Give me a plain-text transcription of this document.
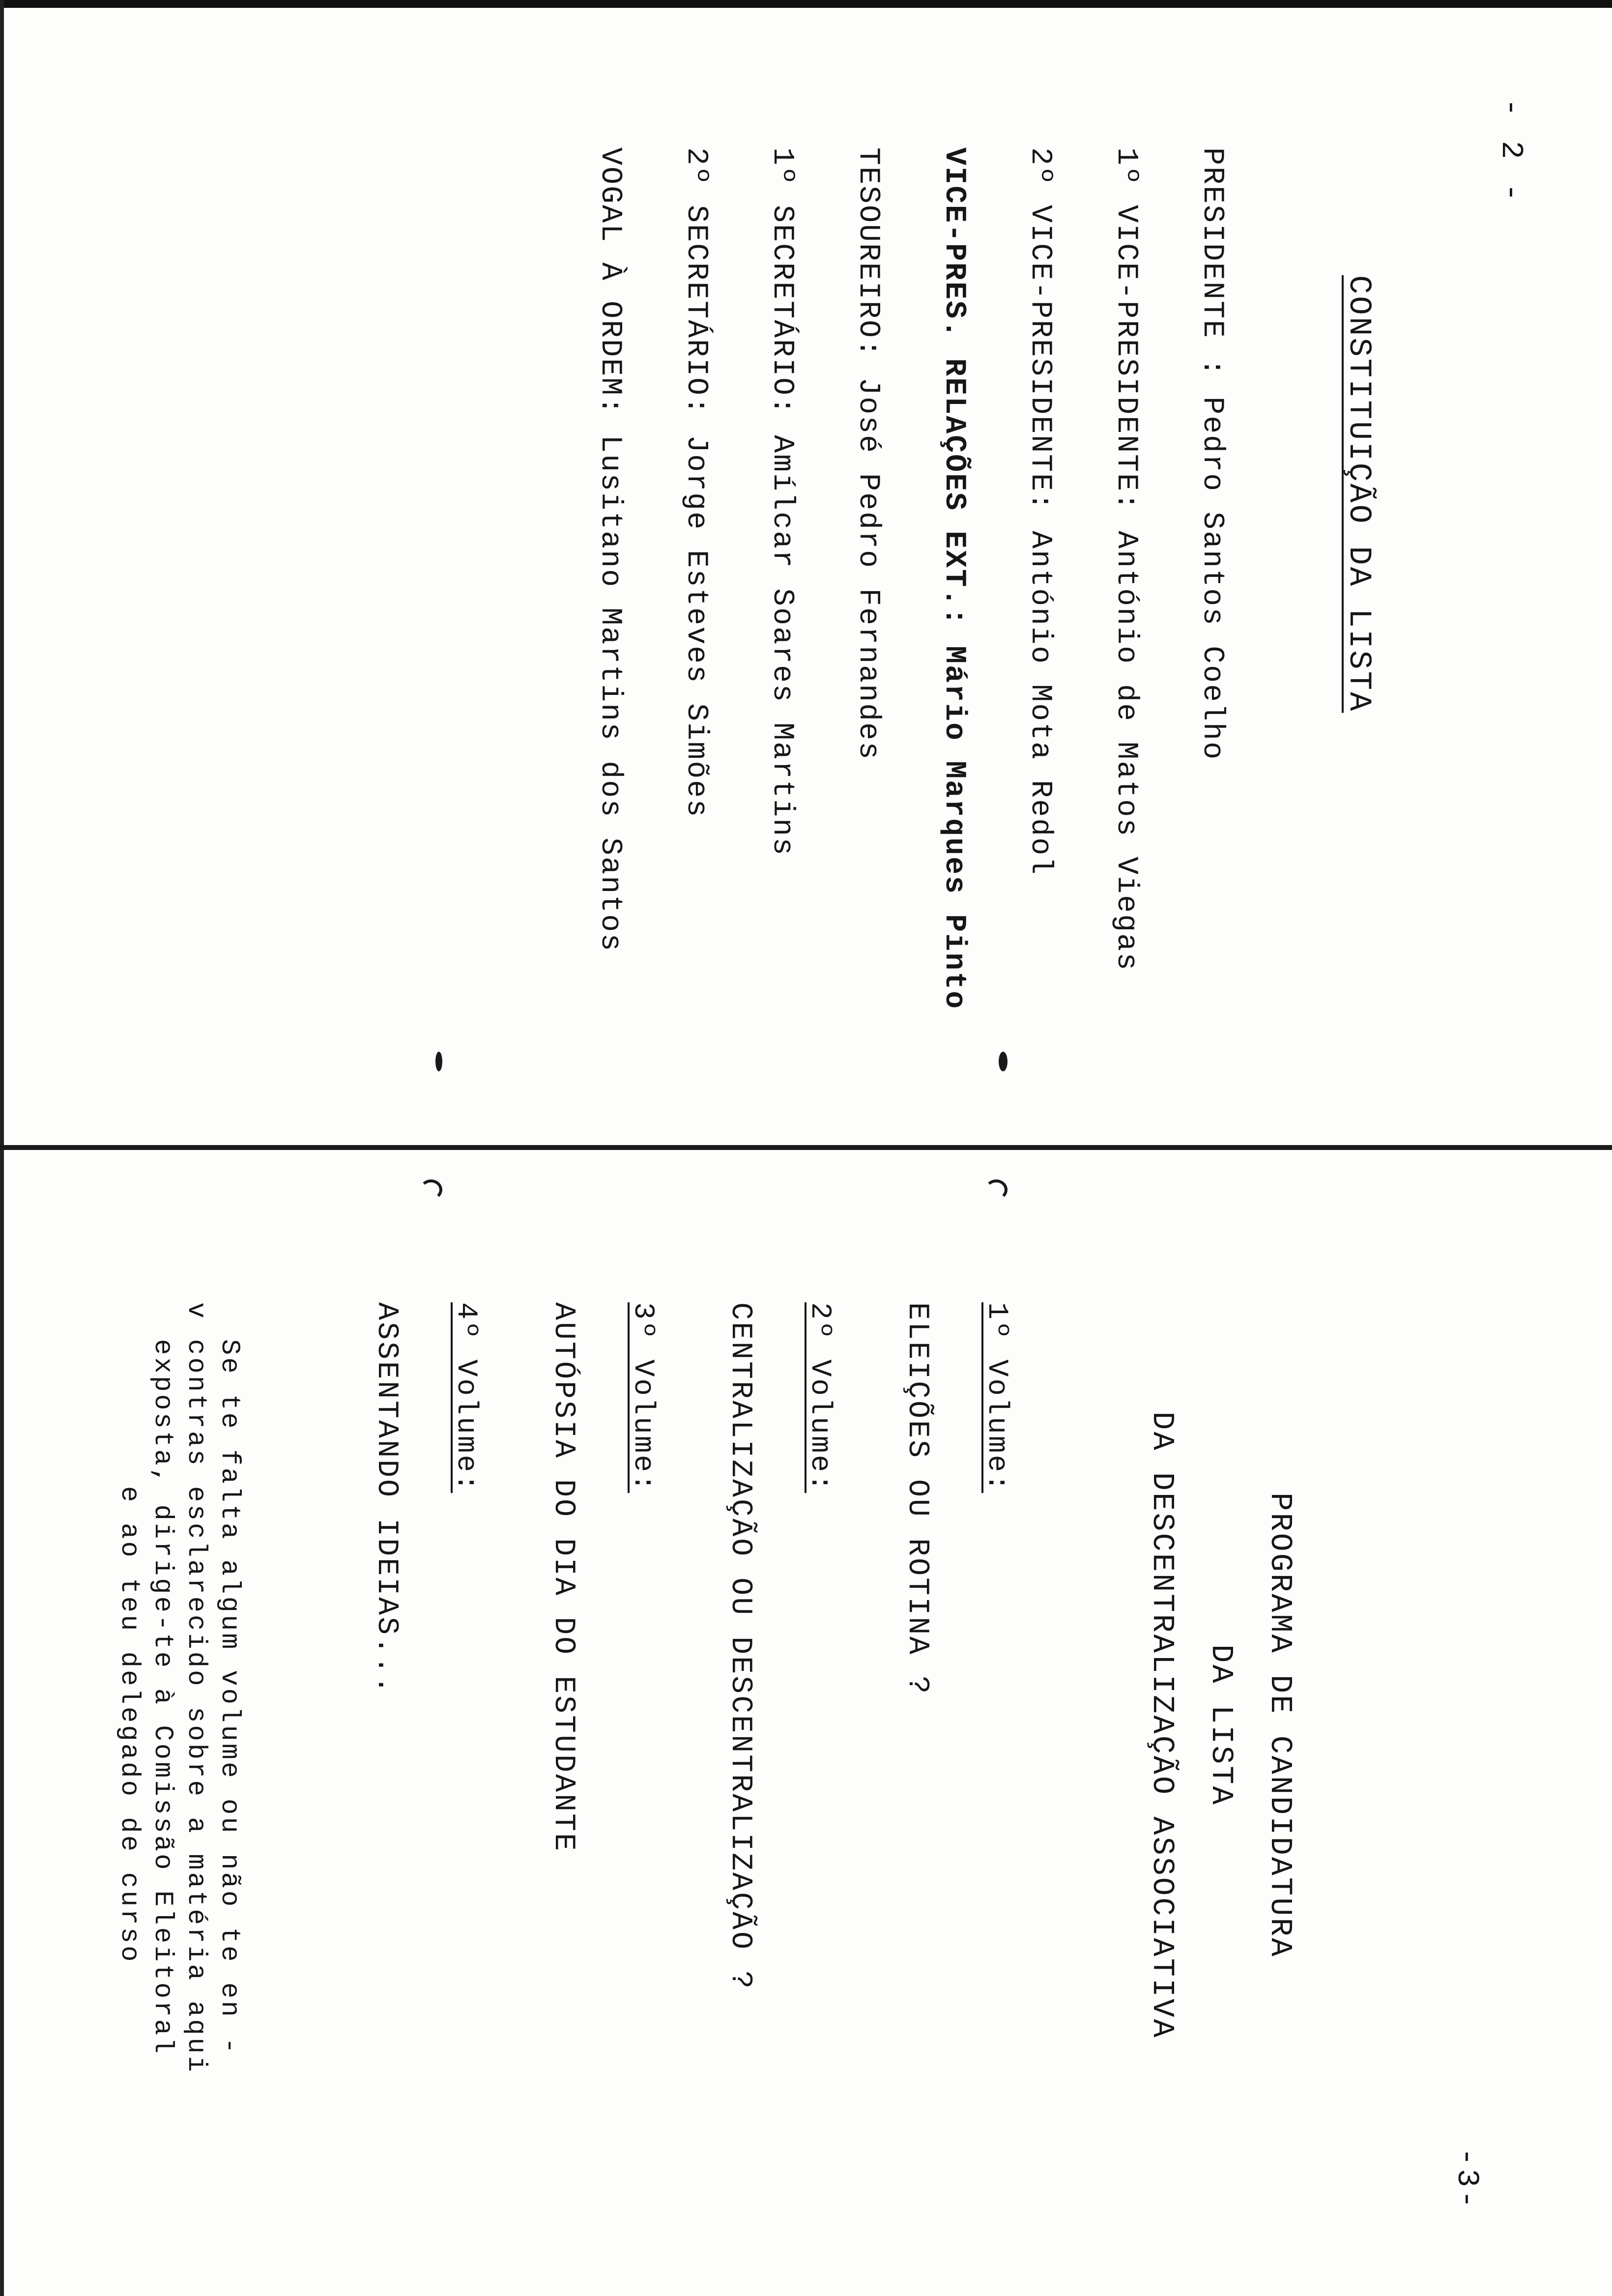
- 2 -
CONSTITUIÇÃO DA LISTA
PRESIDENTE : Pedro Santos Coelho
1º VICE-PRESIDENTE: António de Matos Viegas
2º VICE-PRESIDENTE: António Mota Redol
VICE-PRES. RELAÇÕES EXT.: Mário Marques Pinto
TESOUREIRO: José Pedro Fernandes
1º SECRETÁRIO: Amílcar Soares Martins
2º SECRETÁRIO: Jorge Esteves Simões
VOGAL À ORDEM: Lusitano Martins dos Santos
-3-
PROGRAMA DE CANDIDATURA
DA LISTA
DA DESCENTRALIZAÇÃO ASSOCIATIVA
1º Volume:
ELEIÇÕES OU ROTINA ?
2º Volume:
CENTRALIZAÇÃO OU DESCENTRALIZAÇÃO ?
3º Volume:
AUTÓPSIA DO DIA DO ESTUDANTE
4º Volume:
ASSENTANDO IDEIAS...
Se te falta algum volume ou não te en -
v contras esclarecido sobre a matéria aqui
exposta, dirige-te à Comissão Eleitoral
e ao teu delegado de curso
